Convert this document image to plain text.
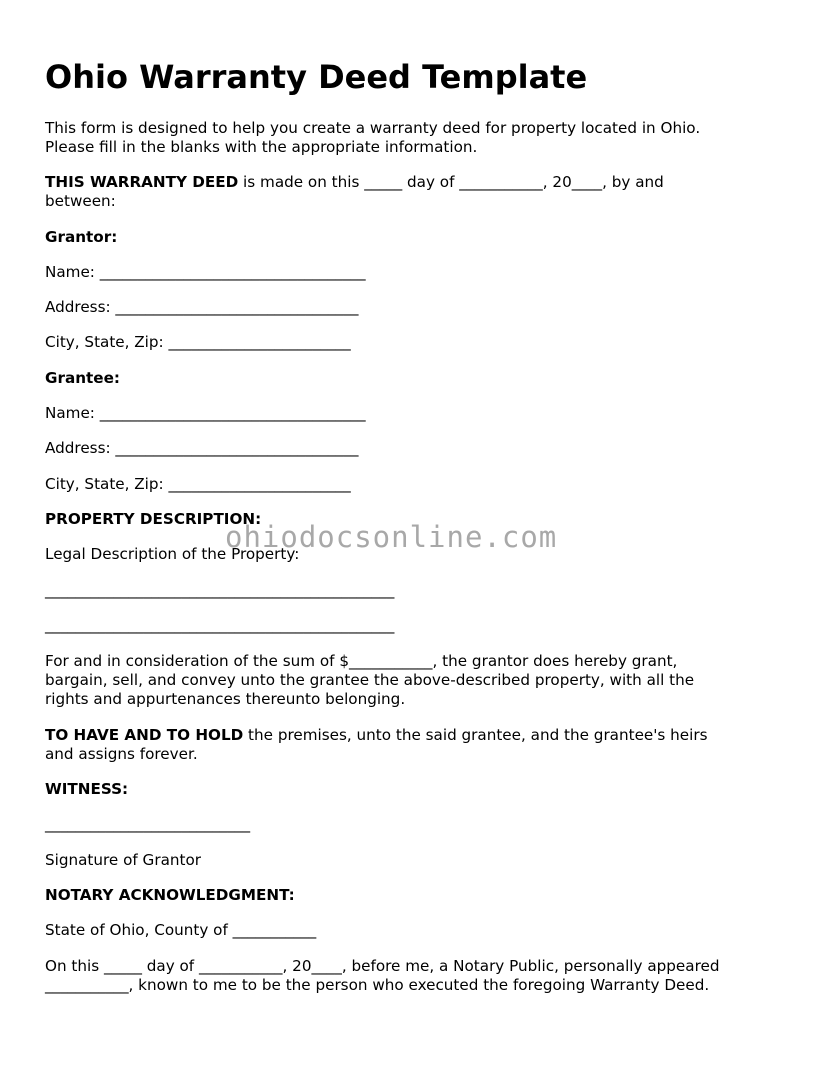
Ohio Warranty Deed Template

This form is designed to help you create a warranty deed for property located in Ohio.

Please fill in the blanks with the appropriate information.

THIS WARRANTY DEED is made on this _____ day of ___________, 20____, by and

between:

Grantor:

Name: ___________________________________

Address: ________________________________

City, State, Zip: ________________________

Grantee:

Name: ___________________________________

Address: ________________________________

City, State, Zip: ________________________

PROPERTY DESCRIPTION:

Legal Description of the Property:

______________________________________________

______________________________________________

For and in consideration of the sum of $___________, the grantor does hereby grant,

bargain, sell, and convey unto the grantee the above-described property, with all the

rights and appurtenances thereunto belonging.

TO HAVE AND TO HOLD the premises, unto the said grantee, and the grantee's heirs

and assigns forever.

WITNESS:

___________________________

Signature of Grantor

NOTARY ACKNOWLEDGMENT:

State of Ohio, County of ___________

On this _____ day of ___________, 20____, before me, a Notary Public, personally appeared

___________, known to me to be the person who executed the foregoing Warranty Deed.

ohiodocsonline.com
